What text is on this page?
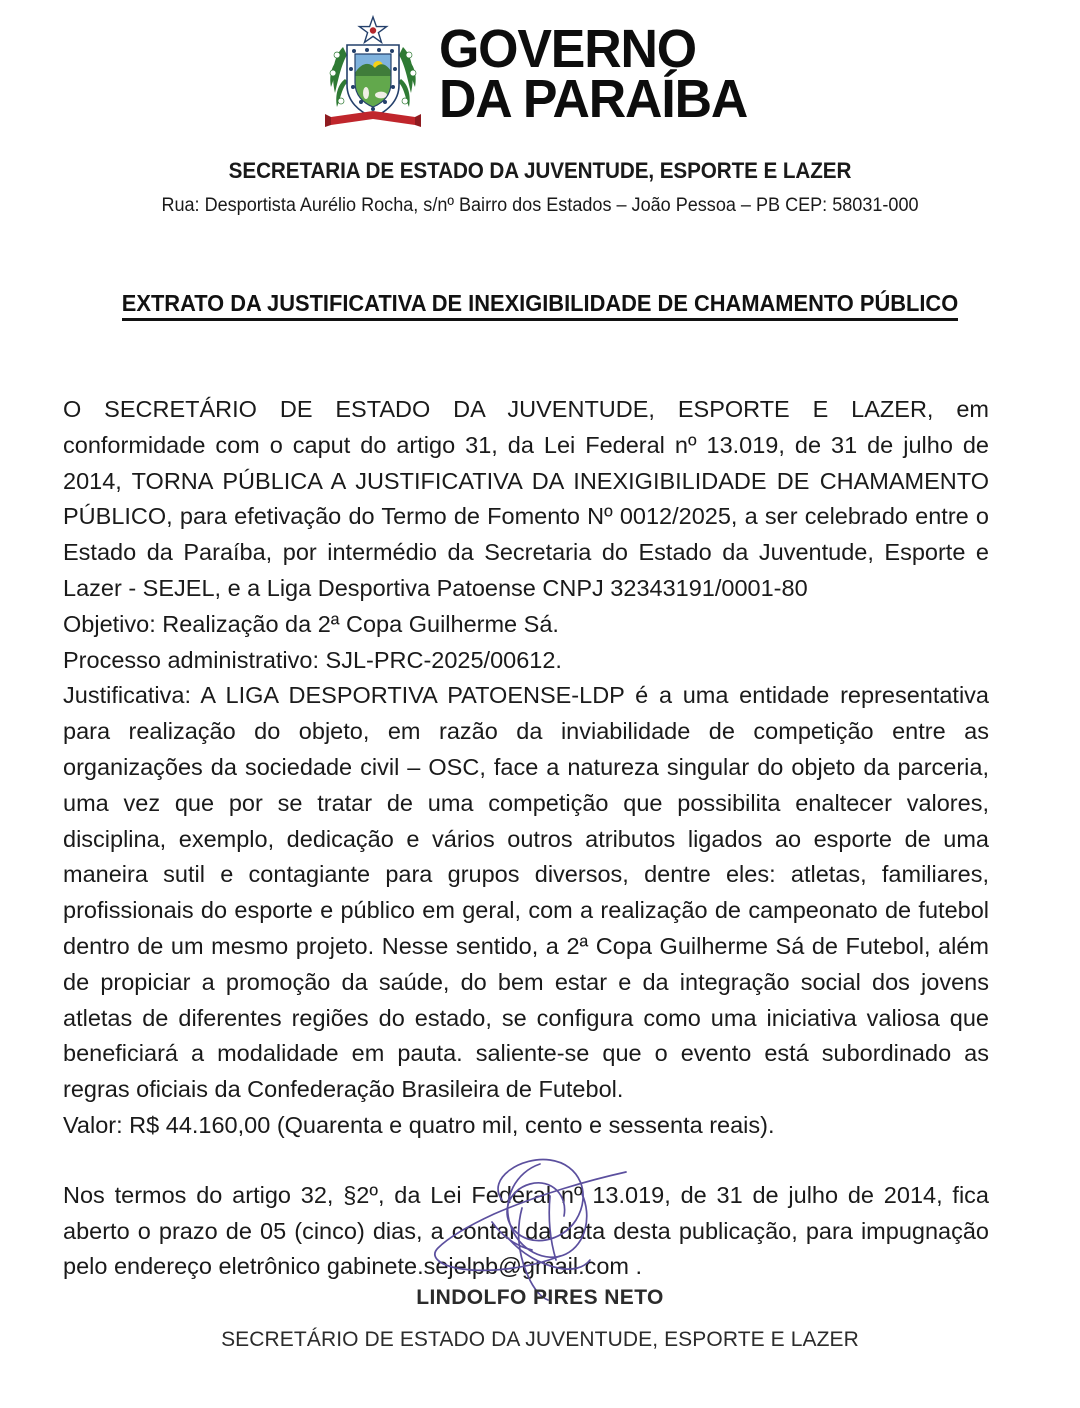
GOVERNO
DA PARAÍBA
SECRETARIA DE ESTADO DA JUVENTUDE, ESPORTE E LAZER
Rua: Desportista Aurélio Rocha, s/nº Bairro dos Estados – João Pessoa – PB CEP: 58031-000
EXTRATO DA JUSTIFICATIVA DE INEXIGIBILIDADE DE CHAMAMENTO PÚBLICO

O SECRETÁRIO DE ESTADO DA JUVENTUDE, ESPORTE E LAZER, em conformidade com o caput do artigo 31, da Lei Federal nº 13.019, de 31 de julho de 2014, TORNA PÚBLICA A JUSTIFICATIVA DA INEXIGIBILIDADE DE CHAMAMENTO PÚBLICO, para efetivação do Termo de Fomento Nº 0012/2025, a ser celebrado entre o Estado da Paraíba, por intermédio da Secretaria do Estado da Juventude, Esporte e Lazer - SEJEL, e a Liga Desportiva Patoense CNPJ 32343191/0001-80

Objetivo: Realização da 2ª Copa Guilherme Sá.

Processo administrativo: SJL-PRC-2025/00612.

Justificativa: A LIGA DESPORTIVA PATOENSE-LDP é a uma entidade representativa para realização do objeto, em razão da inviabilidade de competição entre as organizações da sociedade civil – OSC, face a natureza singular do objeto da parceria, uma vez que por se tratar de uma competição que possibilita enaltecer valores, disciplina, exemplo, dedicação e vários outros atributos ligados ao esporte de uma maneira sutil e contagiante para grupos diversos, dentre eles: atletas, familiares, profissionais do esporte e público em geral, com a realização de campeonato de futebol dentro de um mesmo projeto. Nesse sentido, a 2ª Copa Guilherme Sá de Futebol, além de propiciar a promoção da saúde, do bem estar e da integração social dos jovens atletas de diferentes regiões do estado, se configura como uma iniciativa valiosa que beneficiará a modalidade em pauta. saliente-se que o evento está subordinado as regras oficiais da Confederação Brasileira de Futebol.

Valor: R$ 44.160,00 (Quarenta e quatro mil, cento e sessenta reais).

Nos termos do artigo 32, §2º, da Lei Federal nº 13.019, de 31 de julho de 2014, fica aberto o prazo de 05 (cinco) dias, a contar da data desta publicação, para impugnação pelo endereço eletrônico gabinete.sejelpb@gmail.com .

LINDOLFO PIRES NETO
SECRETÁRIO DE ESTADO DA JUVENTUDE, ESPORTE E LAZER
